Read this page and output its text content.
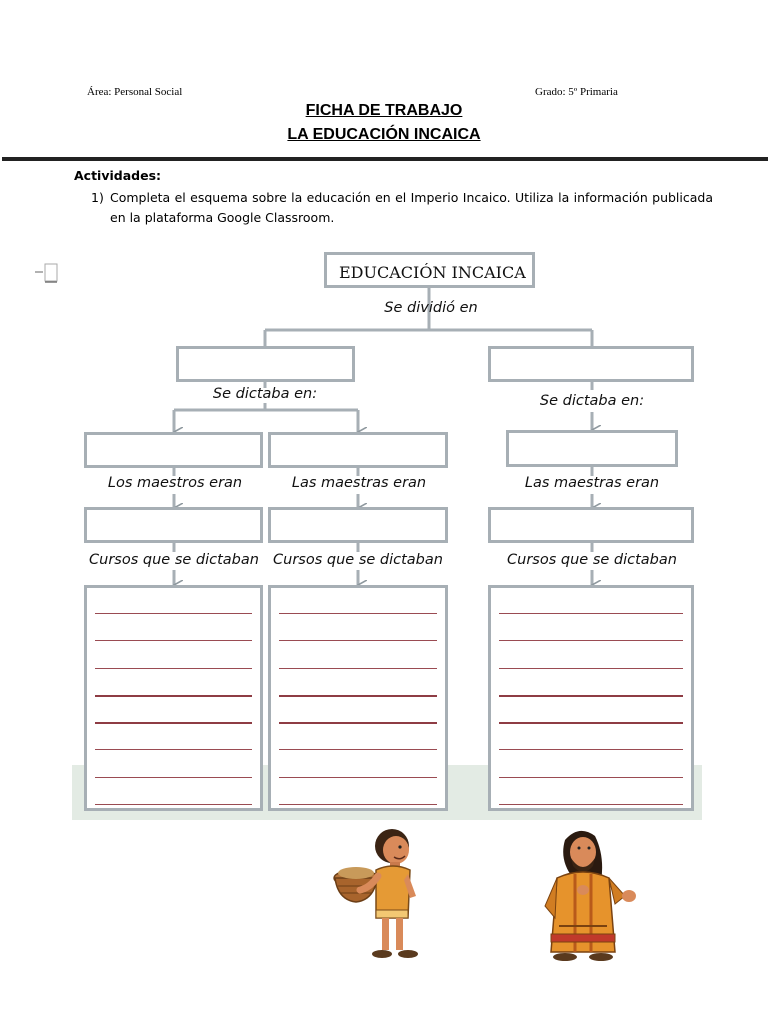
Área: Personal Social	Grado: 5º Primaria
FICHA DE TRABAJO
LA EDUCACIÓN INCAICA
Actividades:
1) Completa el esquema sobre la educación en el Imperio Incaico. Utiliza la información publicada en la plataforma Google Classroom.
EDUCACIÓN INCAICA
Se dividió en
Se dictaba en:	Se dictaba en:
Los maestros eran	Las maestras eran	Las maestras eran
Cursos que se dictaban Cursos que se dictaban	Cursos que se dictaban
